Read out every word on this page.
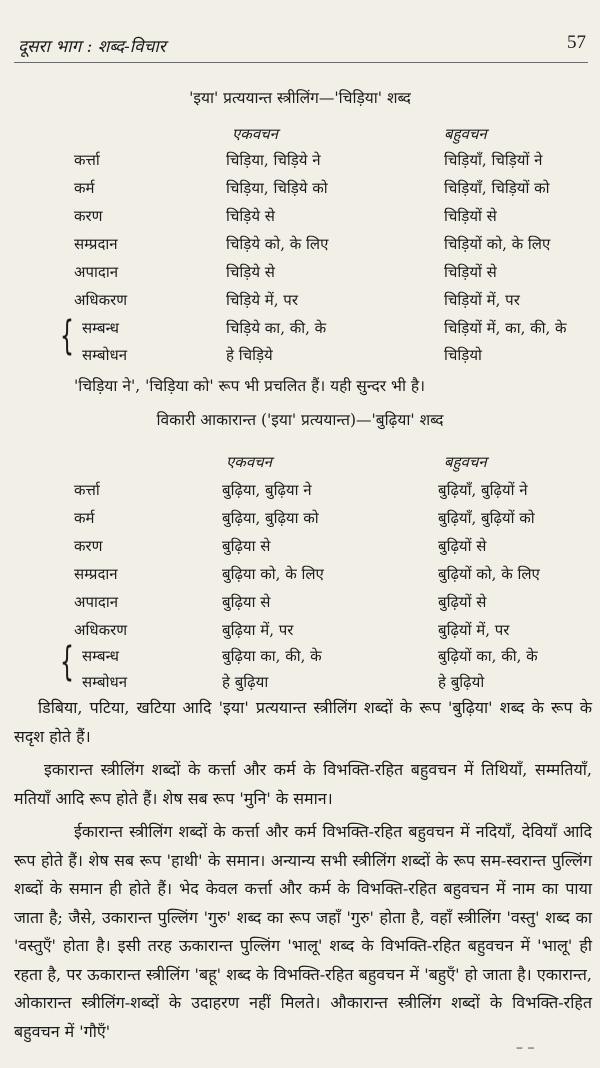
दूसरा भाग : शब्द-विचार	57
'इया' प्रत्ययान्त स्त्रीलिंग—'चिड़िया' शब्द
एकवचन	बहुवचन
कर्त्ता	चिड़िया, चिड़िये ने	चिड़ियाँ, चिड़ियों ने
कर्म	चिड़िया, चिड़िये को	चिड़ियाँ, चिड़ियों को
करण	चिड़िये से	चिड़ियों से
सम्प्रदान	चिड़िये को, के लिए	चिड़ियों को, के लिए
अपादान	चिड़िये से	चिड़ियों से
अधिकरण	चिड़िये में, पर	चिड़ियों में, पर
{ सम्बन्ध	चिड़िये का, की, के	चिड़ियों में, का, की, के
सम्बोधन	हे चिड़िये	चिड़ियो
'चिड़िया ने', 'चिड़िया को' रूप भी प्रचलित हैं। यही सुन्दर भी है।
विकारी आकारान्त ('इया' प्रत्ययान्त)—'बुढ़िया' शब्द
एकवचन	बहुवचन
कर्त्ता	बुढ़िया, बुढ़िया ने	बुढ़ियाँ, बुढ़ियों ने
कर्म	बुढ़िया, बुढ़िया को	बुढ़ियाँ, बुढ़ियों को
करण	बुढ़िया से	बुढ़ियों से
सम्प्रदान	बुढ़िया को, के लिए	बुढ़ियों को, के लिए
अपादान	बुढ़िया से	बुढ़ियों से
अधिकरण	बुढ़िया में, पर	बुढ़ियों में, पर
{ सम्बन्ध	बुढ़िया का, की, के	बुढ़ियों का, की, के
सम्बोधन	हे बुढ़िया	हे बुढ़ियो
डिबिया, पटिया, खटिया आदि 'इया' प्रत्ययान्त स्त्रीलिंग शब्दों के रूप 'बुढ़िया' शब्द के रूप के सदृश होते हैं।
इकारान्त स्त्रीलिंग शब्दों के कर्त्ता और कर्म के विभक्ति-रहित बहुवचन में तिथियाँ, सम्मतियाँ, मतियाँ आदि रूप होते हैं। शेष सब रूप 'मुनि' के समान।
ईकारान्त स्त्रीलिंग शब्दों के कर्त्ता और कर्म विभक्ति-रहित बहुवचन में नदियाँ, देवियाँ आदि रूप होते हैं। शेष सब रूप 'हाथी' के समान। अन्यान्य सभी स्त्रीलिंग शब्दों के रूप सम-स्वरान्त पुल्लिंग शब्दों के समान ही होते हैं। भेद केवल कर्त्ता और कर्म के विभक्ति-रहित बहुवचन में नाम का पाया जाता है; जैसे, उकारान्त पुल्लिंग 'गुरु' शब्द का रूप जहाँ 'गुरु' होता है, वहाँ स्त्रीलिंग 'वस्तु' शब्द का 'वस्तुएँ' होता है। इसी तरह ऊकारान्त पुल्लिंग 'भालू' शब्द के विभक्ति-रहित बहुवचन में 'भालू' ही रहता है, पर ऊकारान्त स्त्रीलिंग 'बहू' शब्द के विभक्ति-रहित बहुवचन में 'बहुएँ' हो जाता है। एकारान्त, ओकारान्त स्त्रीलिंग-शब्दों के उदाहरण नहीं मिलते। औकारान्त स्त्रीलिंग शब्दों के विभक्ति-रहित बहुवचन में 'गौएँ'
– –
